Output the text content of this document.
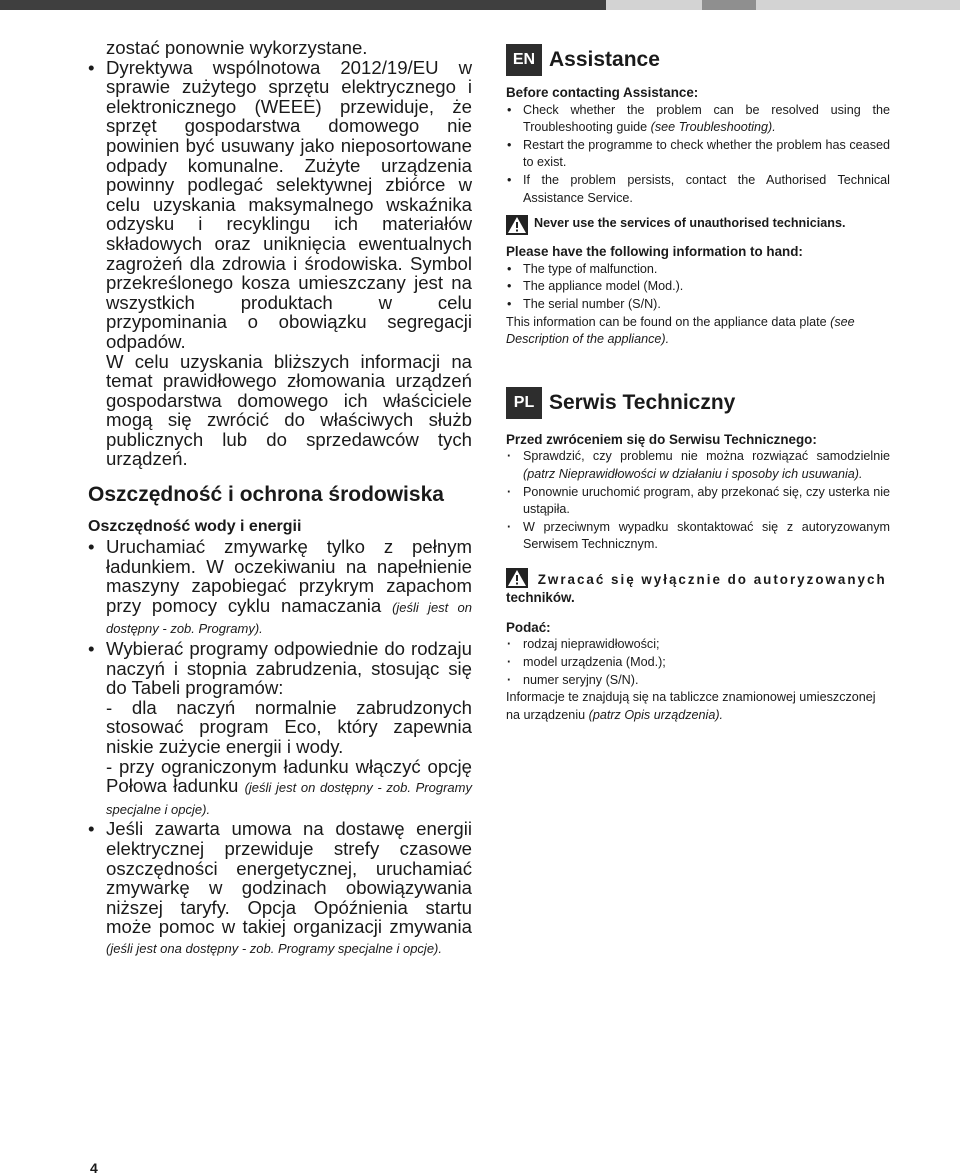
zostać ponownie wykorzystane.
• Dyrektywa wspólnotowa 2012/19/EU w sprawie zużytego sprzętu elektrycznego i elektronicznego (WEEE) przewiduje, że sprzęt gospodarstwa domowego nie powinien być usuwany jako nieposortowane odpady komunalne. Zużyte urządzenia powinny podlegać selektywnej zbiórce w celu uzyskania maksymalnego wskaźnika odzysku i recyklingu ich materiałów składowych oraz uniknięcia ewentualnych zagrożeń dla zdrowia i środowiska. Symbol przekreślonego kosza umieszczany jest na wszystkich produktach w celu przypominania o obowiązku segregacji odpadów.
W celu uzyskania bliższych informacji na temat prawidłowego złomowania urządzeń gospodarstwa domowego ich właściciele mogą się zwrócić do właściwych służb publicznych lub do sprzedawców tych urządzeń.
Oszczędność i ochrona środowiska
Oszczędność wody i energii
• Uruchamiać zmywarkę tylko z pełnym ładunkiem. W oczekiwaniu na napełnienie maszyny zapobiegać przykrym zapachom przy pomocy cyklu namaczania (jeśli jest on dostępny - zob. Programy).
• Wybierać programy odpowiednie do rodzaju naczyń i stopnia zabrudzenia, stosując się do Tabeli programów:
- dla naczyń normalnie zabrudzonych stosować program Eco, który zapewnia niskie zużycie energii i wody.
- przy ograniczonym ładunku włączyć opcję Połowa ładunku (jeśli jest on dostępny - zob. Programy specjalne i opcje).
• Jeśli zawarta umowa na dostawę energii elektrycznej przewiduje strefy czasowe oszczędności energetycznej, uruchamiać zmywarkę w godzinach obowiązywania niższej taryfy. Opcja Opóźnienia startu może pomoc w takiej organizacji zmywania (jeśli jest ona dostępny - zob. Programy specjalne i opcje).
EN Assistance
Before contacting Assistance:
• Check whether the problem can be resolved using the Troubleshooting guide (see Troubleshooting).
• Restart the programme to check whether the problem has ceased to exist.
• If the problem persists, contact the Authorised Technical Assistance Service.
Never use the services of unauthorised technicians.
Please have the following information to hand:
• The type of malfunction.
• The appliance model (Mod.).
• The serial number (S/N).
This information can be found on the appliance data plate (see Description of the appliance).
PL Serwis Techniczny
Przed zwróceniem się do Serwisu Technicznego:
· Sprawdzić, czy problemu nie można rozwiązać samodzielnie (patrz Nieprawidłowości w działaniu i sposoby ich usuwania).
· Ponownie uruchomić program, aby przekonać się, czy usterka nie ustąpiła.
· W przeciwnym wypadku skontaktować się z autoryzowanym Serwisem Technicznym.
Zwracać się wyłącznie do autoryzowanych
techników.
Podać:
· rodzaj nieprawidłowości;
· model urządzenia (Mod.);
· numer seryjny (S/N).
Informacje te znajdują się na tabliczce znamionowej umieszczonej na urządzeniu (patrz Opis urządzenia).
4
